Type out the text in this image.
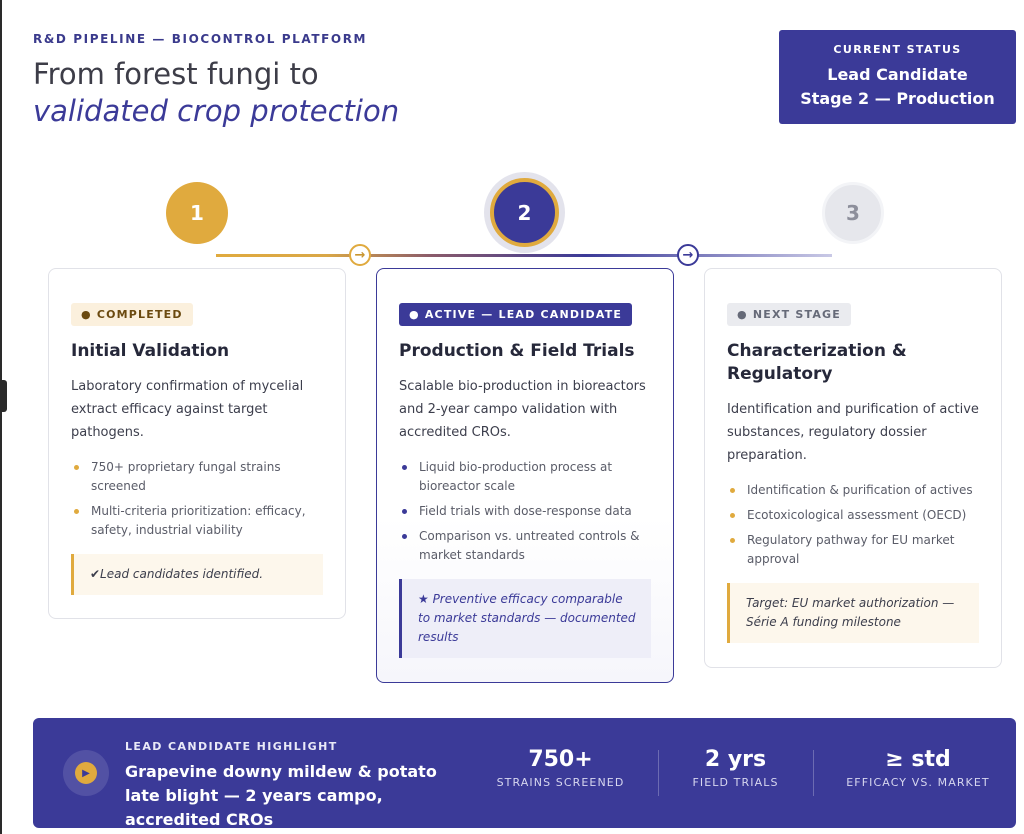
R&D PIPELINE — BIOCONTROL PLATFORM
From forest fungi to
validated crop protection
CURRENT STATUS
Lead Candidate
Stage 2 — Production
→	→
1	2	3
● COMPLETED
Initial Validation
Laboratory confirmation of mycelial extract efficacy against target pathogens.
750+ proprietary fungal strains screened
Multi-criteria prioritization: efficacy, safety, industrial viability
✔Lead candidates identified.
● ACTIVE — LEAD CANDIDATE
Production & Field Trials
Scalable bio-production in bioreactors and 2-year campo validation with accredited CROs.
Liquid bio-production process at bioreactor scale
Field trials with dose-response data
Comparison vs. untreated controls & market standards
★ Preventive efficacy comparable to market standards — documented results
● NEXT STAGE
Characterization & Regulatory
Identification and purification of active substances, regulatory dossier preparation.
Identification & purification of actives
Ecotoxicological assessment (OECD)
Regulatory pathway for EU market approval
Target: EU market authorization — Série A funding milestone
▶
LEAD CANDIDATE HIGHLIGHT
Grapevine downy mildew & potato late blight — 2 years campo, accredited CROs
750+
STRAINS SCREENED
2 yrs
FIELD TRIALS
≥ std
EFFICACY VS. MARKET
